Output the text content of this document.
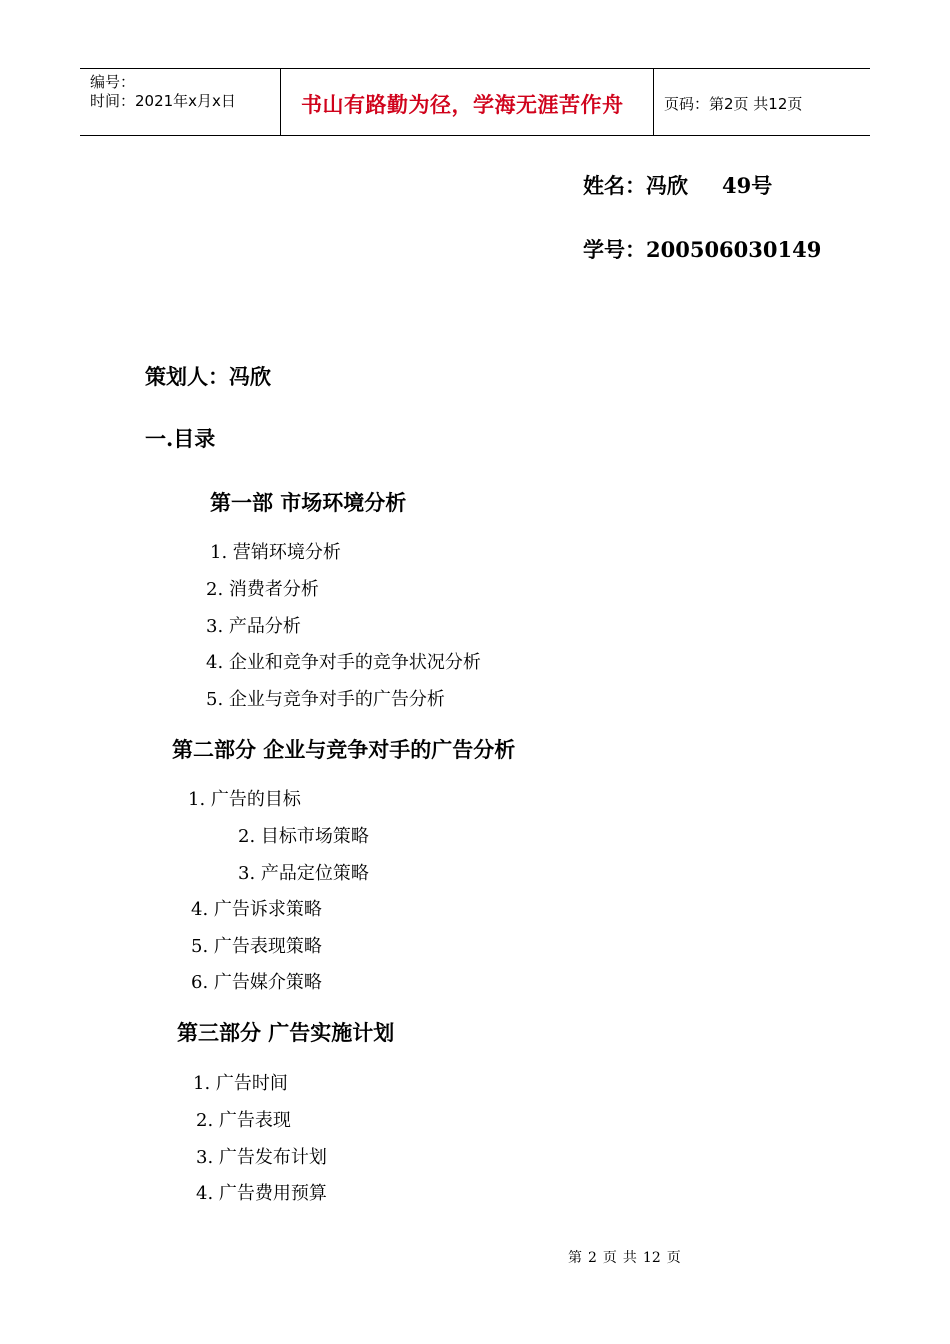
编号：
时间：2021年x月x日	书山有路勤为径，学海无涯苦作舟	页码：第2页 共12页
姓名：冯欣 49号
学号：200506030149
策划人：冯欣
一.目录
第一部 市场环境分析
1. 营销环境分析
2. 消费者分析
3. 产品分析
4. 企业和竞争对手的竞争状况分析
5. 企业与竞争对手的广告分析
第二部分 企业与竞争对手的广告分析
1. 广告的目标
2. 目标市场策略
3. 产品定位策略
4. 广告诉求策略
5. 广告表现策略
6. 广告媒介策略
第三部分 广告实施计划
1. 广告时间
2. 广告表现
3. 广告发布计划
4. 广告费用预算
第 2 页 共 12 页
